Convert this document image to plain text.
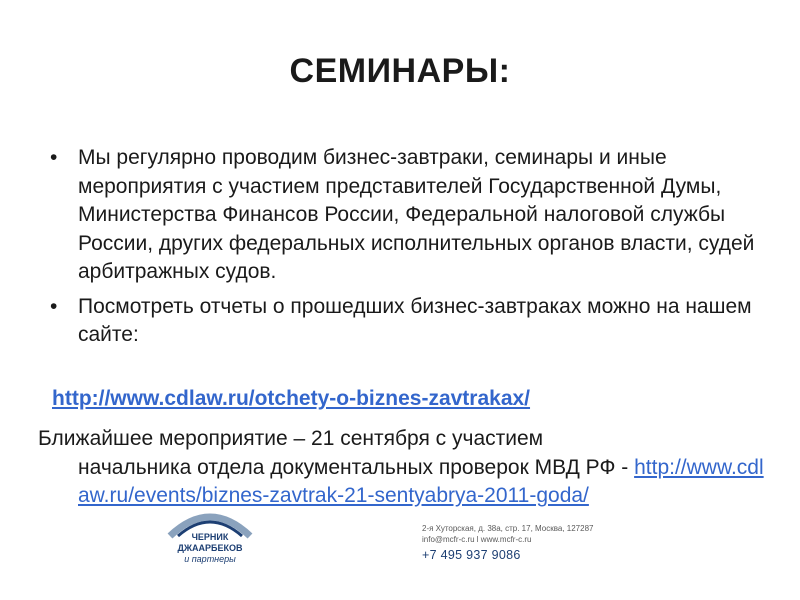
СЕМИНАРЫ:
• Мы регулярно проводим бизнес-завтраки, семинары и иные мероприятия с участием представителей Государственной Думы, Министерства Финансов России, Федеральной налоговой службы России, других федеральных исполнительных органов власти, судей арбитражных судов.
• Посмотреть отчеты о прошедших бизнес-завтраках можно на нашем сайте:
http://www.cdlaw.ru/otchety-o-biznes-zavtrakax/
Ближайшее мероприятие – 21 сентября с участием
начальника отдела документальных проверок МВД РФ - http://www.cdlaw.ru/events/biznes-zavtrak-21-sentyabrya-2011-goda/
ЧЕРНИК
ДЖААРБЕКОВ
и партнеры
2-я Хуторская, д. 38а, стр. 17, Москва, 127287
info@mcfr-c.ru l www.mcfr-c.ru
+7 495 937 9086
